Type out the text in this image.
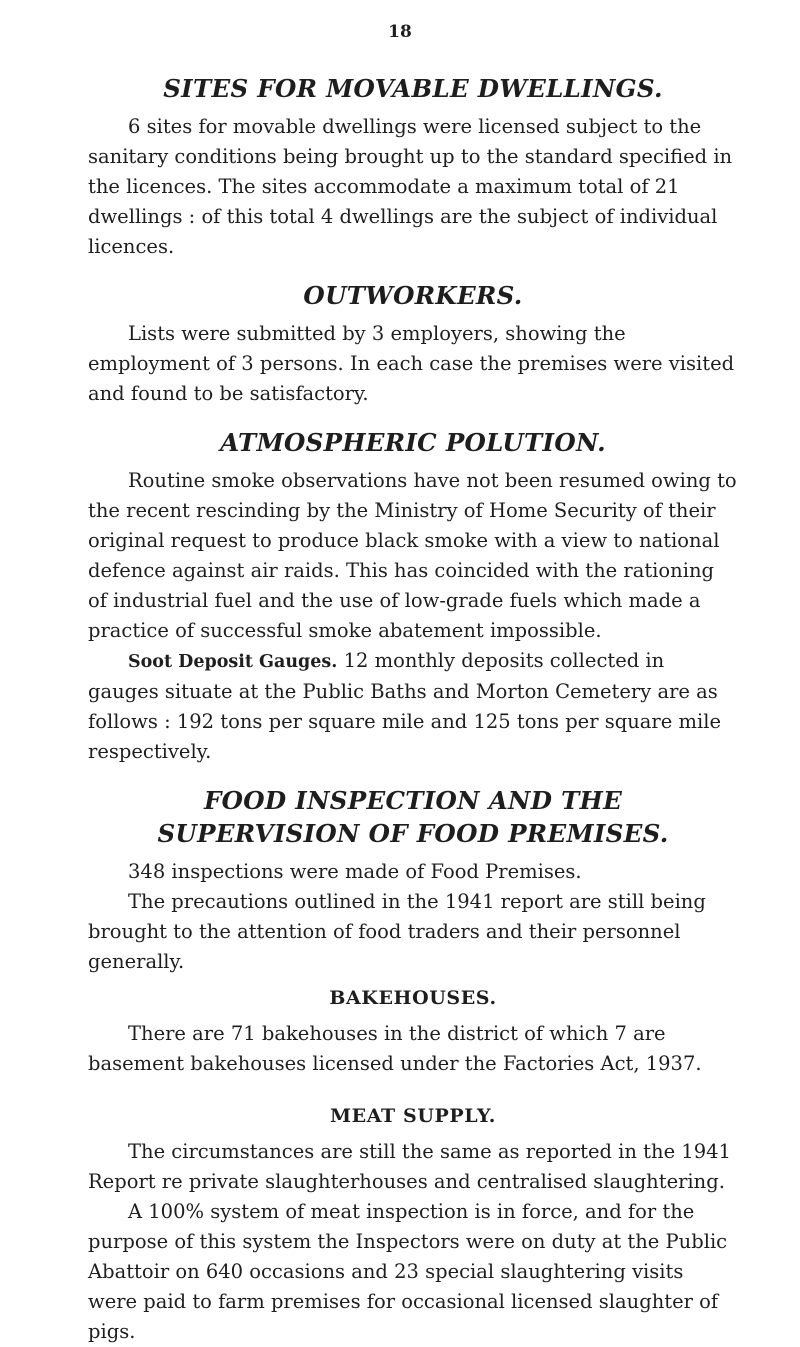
18
SITES FOR MOVABLE DWELLINGS.

6 sites for movable dwellings were licensed subject to the sanitary conditions being brought up to the standard specified in the licences. The sites accommodate a maximum total of 21 dwellings : of this total 4 dwellings are the subject of individual licences.

OUTWORKERS.

Lists were submitted by 3 employers, showing the employment of 3 persons. In each case the premises were visited and found to be satisfactory.

ATMOSPHERIC POLUTION.

Routine smoke observations have not been resumed owing to the recent rescinding by the Ministry of Home Security of their original request to produce black smoke with a view to national defence against air raids. This has coincided with the rationing of industrial fuel and the use of low-grade fuels which made a practice of successful smoke abatement impossible.

Soot Deposit Gauges. 12 monthly deposits collected in gauges situate at the Public Baths and Morton Cemetery are as follows : 192 tons per square mile and 125 tons per square mile respectively.

FOOD INSPECTION AND THE
SUPERVISION OF FOOD PREMISES.

348 inspections were made of Food Premises.

The precautions outlined in the 1941 report are still being brought to the attention of food traders and their personnel generally.

BAKEHOUSES.

There are 71 bakehouses in the district of which 7 are basement bakehouses licensed under the Factories Act, 1937.

MEAT SUPPLY.

The circumstances are still the same as reported in the 1941 Report re private slaughterhouses and centralised slaughtering.

A 100% system of meat inspection is in force, and for the purpose of this system the Inspectors were on duty at the Public Abattoir on 640 occasions and 23 special slaughtering visits were paid to farm premises for occasional licensed slaughter of pigs.
